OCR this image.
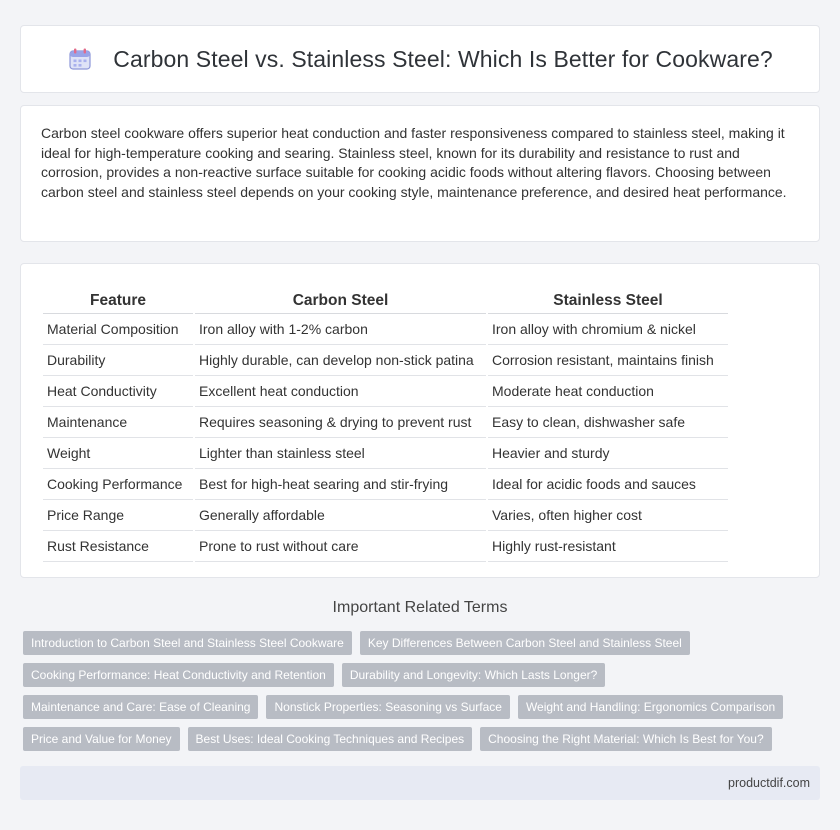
Carbon Steel vs. Stainless Steel: Which Is Better for Cookware?

Carbon steel cookware offers superior heat conduction and faster responsiveness compared to stainless steel, making it ideal for high-temperature cooking and searing. Stainless steel, known for its durability and resistance to rust and corrosion, provides a non-reactive surface suitable for cooking acidic foods without altering flavors. Choosing between carbon steel and stainless steel depends on your cooking style, maintenance preference, and desired heat performance.

Feature	Carbon Steel	Stainless Steel
Material Composition	Iron alloy with 1-2% carbon	Iron alloy with chromium & nickel
Durability	Highly durable, can develop non-stick patina	Corrosion resistant, maintains finish
Heat Conductivity	Excellent heat conduction	Moderate heat conduction
Maintenance	Requires seasoning & drying to prevent rust	Easy to clean, dishwasher safe
Weight	Lighter than stainless steel	Heavier and sturdy
Cooking Performance	Best for high-heat searing and stir-frying	Ideal for acidic foods and sauces
Price Range	Generally affordable	Varies, often higher cost
Rust Resistance	Prone to rust without care	Highly rust-resistant
Important Related Terms
Introduction to Carbon Steel and Stainless Steel Cookware	Key Differences Between Carbon Steel and Stainless Steel
Cooking Performance: Heat Conductivity and Retention	Durability and Longevity: Which Lasts Longer?
Maintenance and Care: Ease of Cleaning	Nonstick Properties: Seasoning vs Surface	Weight and Handling: Ergonomics Comparison
Price and Value for Money	Best Uses: Ideal Cooking Techniques and Recipes	Choosing the Right Material: Which Is Best for You?
productdif.com
